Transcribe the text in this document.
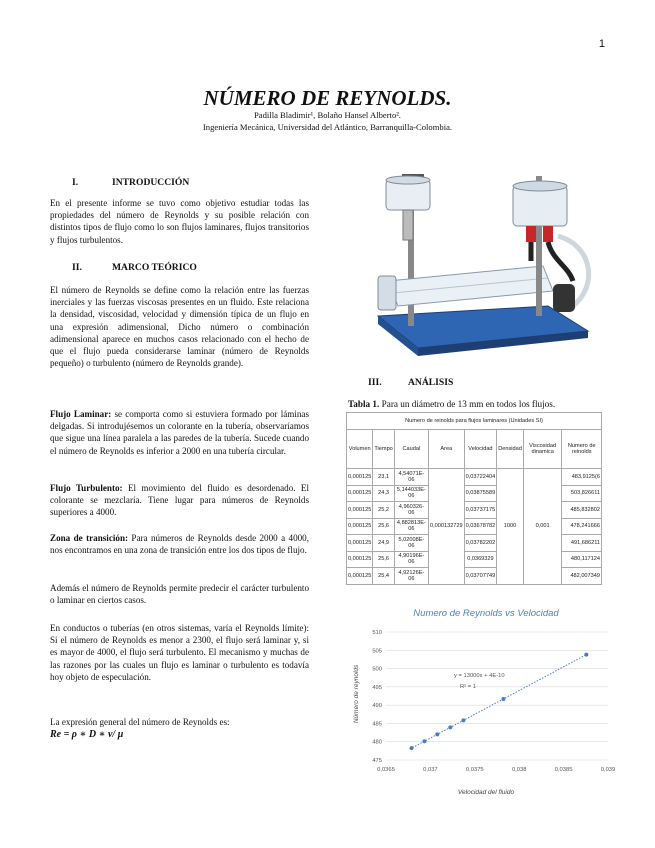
1
NÚMERO DE REYNOLDS.
Padilla Bladimir¹, Bolaño Hansel Alberto².
Ingeniería Mecánica, Universidad del Atlántico, Barranquilla-Colombia.
I.	INTRODUCCIÓN
En el presente informe se tuvo como objetivo estudiar todas las propiedades del número de Reynolds y su posible relación con distintos tipos de flujo como lo son flujos laminares, flujos transitorios y flujos turbulentos.
II.	MARCO TEÓRICO
El número de Reynolds se define como la relación entre las fuerzas inerciales y las fuerzas viscosas presentes en un fluido. Este relaciona la densidad, viscosidad, velocidad y dimensión típica de un flujo en una expresión adimensional, Dicho número o combinación adimensional aparece en muchos casos relacionado con el hecho de que el flujo pueda considerarse laminar (número de Reynolds pequeño) o turbulento (número de Reynolds grande).
Flujo Laminar: se comporta como si estuviera formado por láminas delgadas. Si introdujésemos un colorante en la tubería, observaríamos que sigue una línea paralela a las paredes de la tubería. Sucede cuando el número de Reynolds es inferior a 2000 en una tubería circular.
Flujo Turbulento: El movimiento del fluido es desordenado. El colorante se mezclaría. Tiene lugar para números de Reynolds superiores a 4000.
Zona de transición: Para números de Reynolds desde 2000 a 4000, nos encontramos en una zona de transición entre los dos tipos de flujo.
Además el número de Reynolds permite predecir el carácter turbulento o laminar en ciertos casos.
En conductos o tuberías (en otros sistemas, varía el Reynolds límite): Si el número de Reynolds es menor a 2300, el flujo será laminar y, si es mayor de 4000, el flujo será turbulento. El mecanismo y muchas de las razones por las cuales un flujo es laminar o turbulento es todavía hoy objeto de especulación.
La expresión general del número de Reynolds es:
Re = ρ ∗ D ∗ v/ μ
III.	ANÁLISIS
Tabla 1. Para un diámetro de 13 mm en todos los flujos.
Numero de reinolds para flujos laminares (Unidades SI)							
Volumen	Tiempo	Caudal	Area	Velocidad	Densidad	Viscosidad dinamica	Numero de reinolds
0,000125	23,1	4,54071E-06	0,000132729	0,03722404	1000	0,001	483,9125(6
0,000125	24,3	5,144033E-06		0,03875589			503,826611
0,000125	25,2	4,960326-06		0,03737175			485,832802
0,000125	25,6	4,882813E-06		0,03678782			478,241666
0,000125	24,9	5,02008E-06		0,03782202			491,686211
0,000125	25,6	4,90196E-06		0,0369329			480,117124
0,000125	25,4	4,92126E-06		0,03707749			482,007349
Numero de Reynolds vs Velocidad
475
480
485
490
495
500
505
510
0,0365	0,037	0,0375	0,038	0,0385	0,039
y = 13000x + 4E-10
R² = 1
Velocidad del fluido
Número de reynolds
